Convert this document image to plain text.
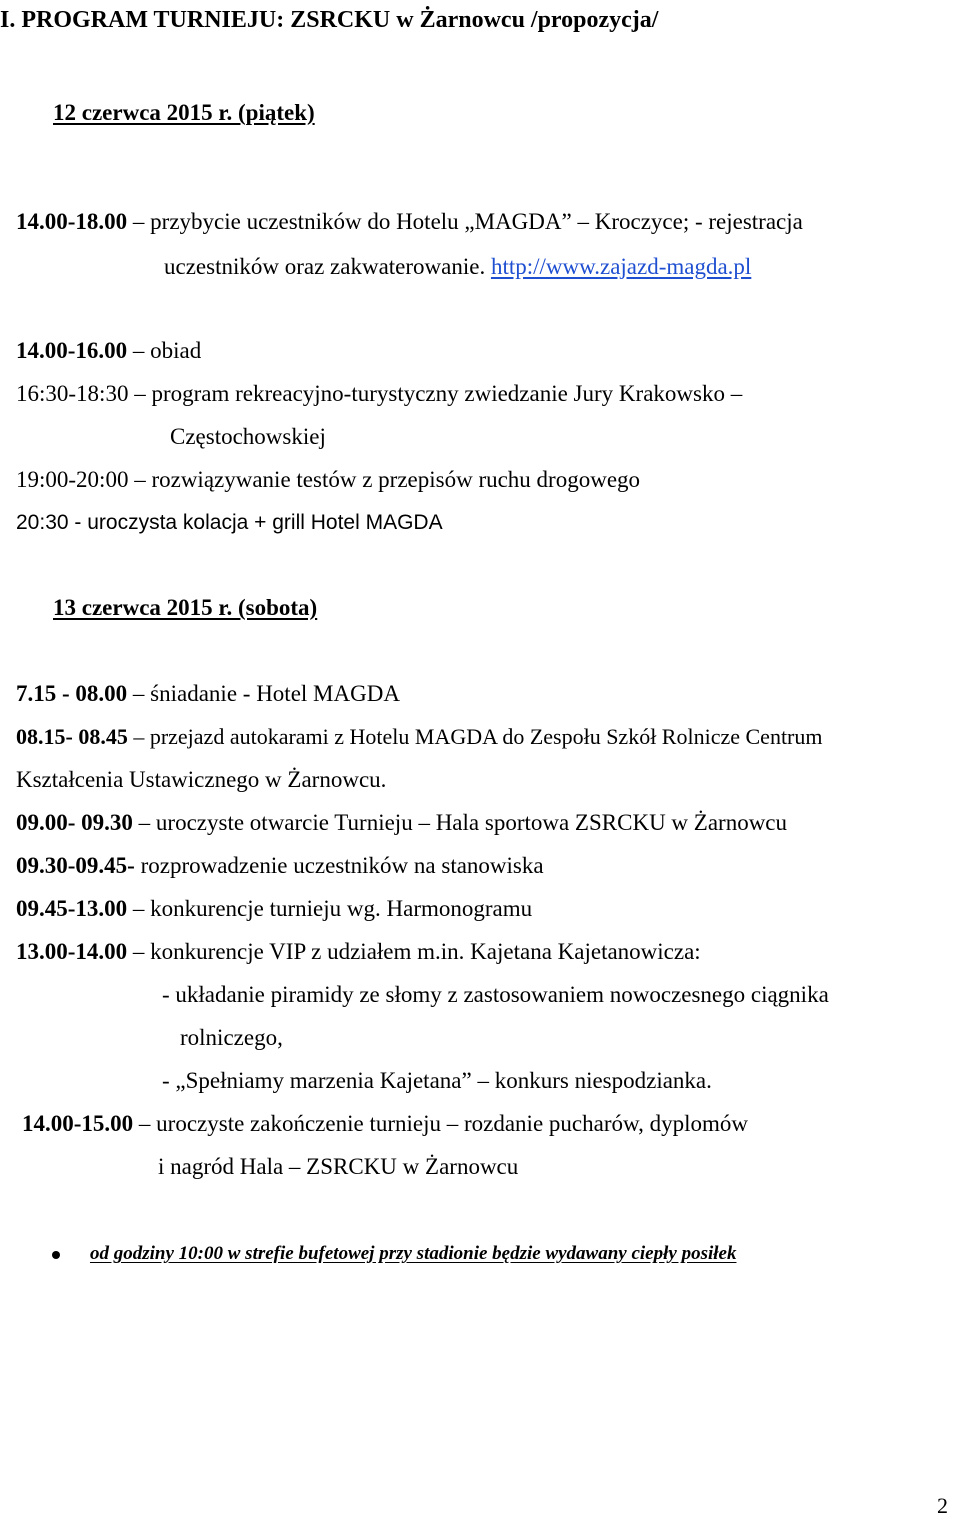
I. PROGRAM TURNIEJU: ZSRCKU w Żarnowcu /propozycja/
12 czerwca 2015 r. (piątek)
14.00-18.00 – przybycie uczestników do Hotelu „MAGDA” – Kroczyce; - rejestracja
uczestników oraz zakwaterowanie. http://www.zajazd-magda.pl
14.00-16.00 – obiad
16:30-18:30 – program rekreacyjno-turystyczny zwiedzanie Jury Krakowsko –
Częstochowskiej
19:00-20:00 – rozwiązywanie testów z przepisów ruchu drogowego
20:30 - uroczysta kolacja + grill Hotel MAGDA
13 czerwca 2015 r. (sobota)
7.15 - 08.00 – śniadanie - Hotel MAGDA
08.15- 08.45 – przejazd autokarami z Hotelu MAGDA do Zespołu Szkół Rolnicze Centrum
Kształcenia Ustawicznego w Żarnowcu.
09.00- 09.30 – uroczyste otwarcie Turnieju – Hala sportowa ZSRCKU w Żarnowcu
09.30-09.45- rozprowadzenie uczestników na stanowiska
09.45-13.00 – konkurencje turnieju wg. Harmonogramu
13.00-14.00 – konkurencje VIP z udziałem m.in. Kajetana Kajetanowicza:
- układanie piramidy ze słomy z zastosowaniem nowoczesnego ciągnika
rolniczego,
- „Spełniamy marzenia Kajetana” – konkurs niespodzianka.
14.00-15.00 – uroczyste zakończenie turnieju – rozdanie pucharów, dyplomów
i nagród Hala – ZSRCKU w Żarnowcu
od godziny 10:00 w strefie bufetowej przy stadionie będzie wydawany ciepły posiłek
2
